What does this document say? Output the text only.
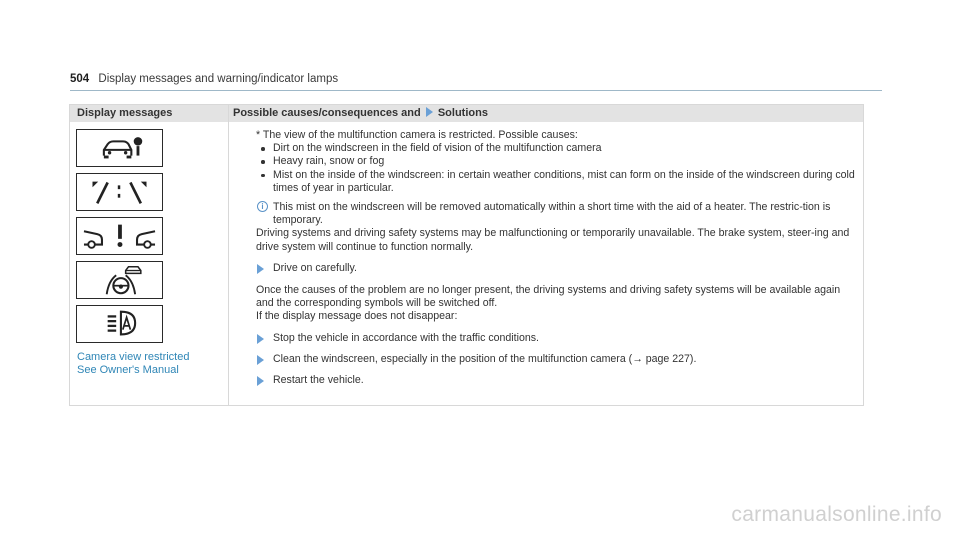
504 Display messages and warning/indicator lamps
Display messages	Possible causes/consequences and Solutions
Camera view restricted
See Owner's Manual

* The view of the multifunction camera is restricted. Possible causes:

Dirt on the windscreen in the field of vision of the multifunction camera

Heavy rain, snow or fog

Mist on the inside of the windscreen: in certain weather conditions, mist can form on the inside of the windscreen during cold times of year in particular.

i This mist on the windscreen will be removed automatically within a short time with the aid of a heater. The restric-tion is temporary.

Driving systems and driving safety systems may be malfunctioning or temporarily unavailable. The brake system, steer-ing and drive system will continue to function normally.

Drive on carefully.

Once the causes of the problem are no longer present, the driving systems and driving safety systems will be available again and the corresponding symbols will be switched off.

If the display message does not disappear:

Stop the vehicle in accordance with the traffic conditions.

Clean the windscreen, especially in the position of the multifunction camera (→ page 227).

Restart the vehicle.

carmanualsonline.info
